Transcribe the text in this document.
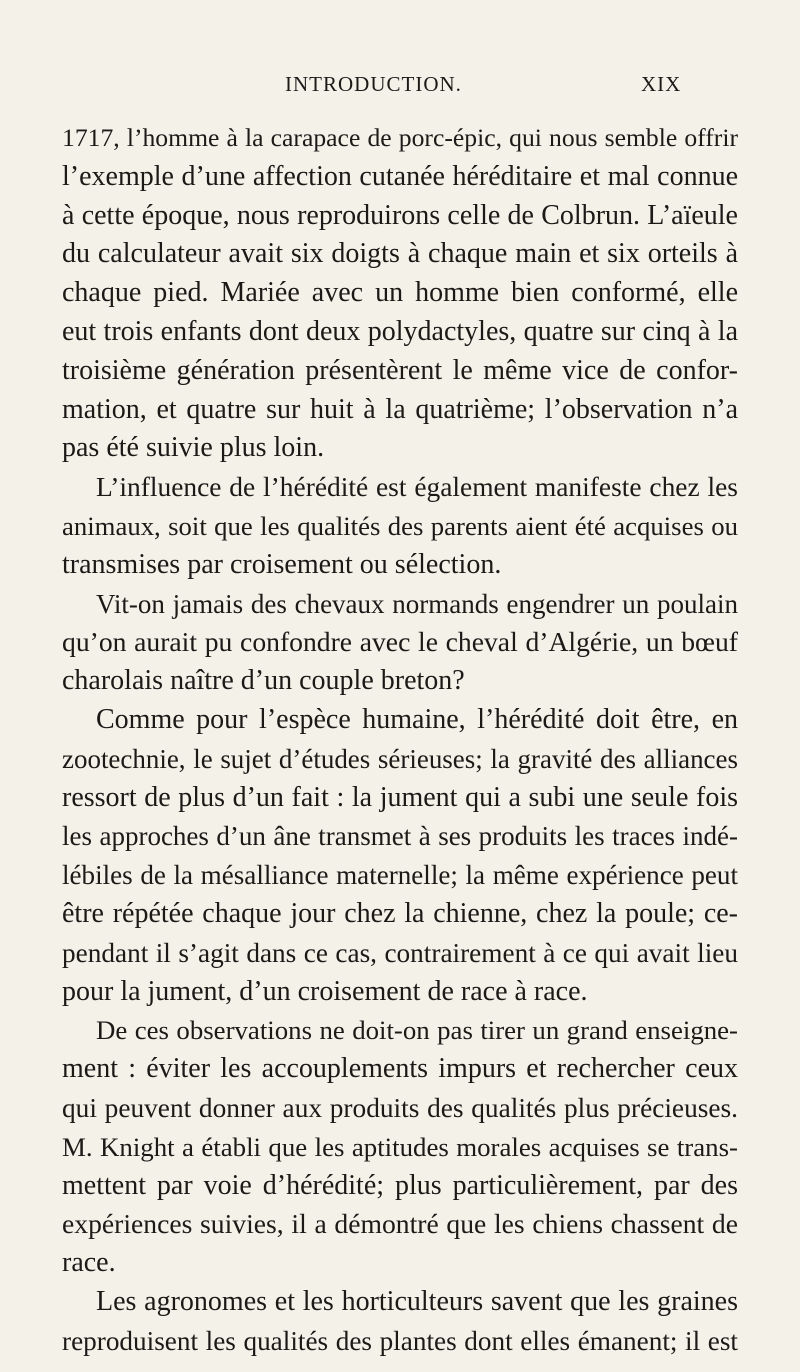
INTRODUCTION.	XIX
1717, l’homme à la carapace de porc-épic, qui nous semble offrir
l’exemple d’une affection cutanée héréditaire et mal connue
à cette époque, nous reproduirons celle de Colbrun. L’aïeule
du calculateur avait six doigts à chaque main et six orteils à
chaque pied. Mariée avec un homme bien conformé, elle
eut trois enfants dont deux polydactyles, quatre sur cinq à la
troisième génération présentèrent le même vice de confor-
mation, et quatre sur huit à la quatrième; l’observation n’a
pas été suivie plus loin.
L’influence de l’hérédité est également manifeste chez les
animaux, soit que les qualités des parents aient été acquises ou
transmises par croisement ou sélection.
Vit-on jamais des chevaux normands engendrer un poulain
qu’on aurait pu confondre avec le cheval d’Algérie, un bœuf
charolais naître d’un couple breton?
Comme pour l’espèce humaine, l’hérédité doit être, en
zootechnie, le sujet d’études sérieuses; la gravité des alliances
ressort de plus d’un fait : la jument qui a subi une seule fois
les approches d’un âne transmet à ses produits les traces indé-
lébiles de la mésalliance maternelle; la même expérience peut
être répétée chaque jour chez la chienne, chez la poule; ce-
pendant il s’agit dans ce cas, contrairement à ce qui avait lieu
pour la jument, d’un croisement de race à race.
De ces observations ne doit-on pas tirer un grand enseigne-
ment : éviter les accouplements impurs et rechercher ceux
qui peuvent donner aux produits des qualités plus précieuses.
M. Knight a établi que les aptitudes morales acquises se trans-
mettent par voie d’hérédité; plus particulièrement, par des
expériences suivies, il a démontré que les chiens chassent de
race.
Les agronomes et les horticulteurs savent que les graines
reproduisent les qualités des plantes dont elles émanent; il est
